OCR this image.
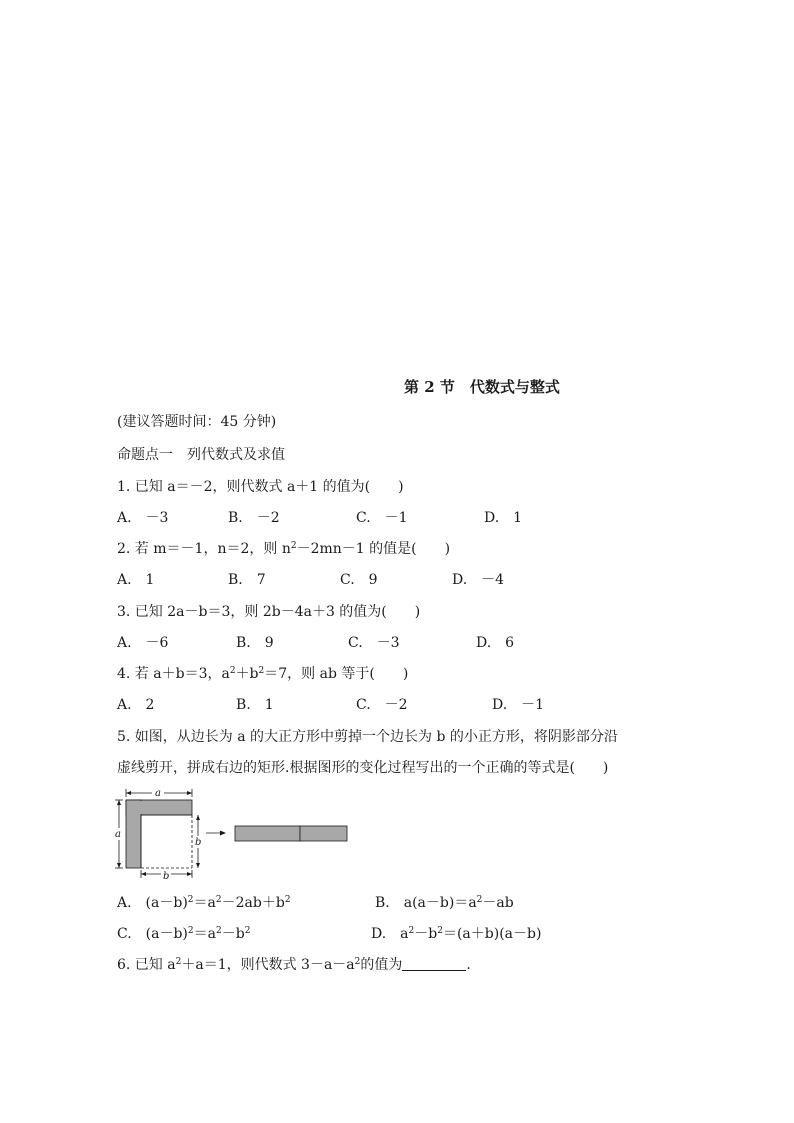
第 2 节　代数式与整式
(建议答题时间：45 分钟)
命题点一　列代数式及求值
1. 已知 a＝－2，则代数式 a＋1 的值为(　　)
A.　－3	B.　－2	C.　－1	D.　1
2. 若 m＝－1，n＝2，则 $n^2-2mn-1$ 的值是(　　)
A.　1	B.　7	C.　9	D.　－4
3. 已知 2a－b＝3，则 2b－4a＋3 的值为(　　)
A.　－6	B.　9	C.　－3	D.　6
4. 若 a＋b＝3，$a^2+b^2=7$，则 ab 等于(　　)
A.　2	B.　1	C.　－2	D.　－1
5. 如图，从边长为 a 的大正方形中剪掉一个边长为 b 的小正方形，将阴影部分沿
虚线剪开，拼成右边的矩形.根据图形的变化过程写出的一个正确的等式是(　　)
a
a
b
b
A.　$(a-b)^2=a^2-2ab+b^2$	B.　$a(a-b)=a^2-ab$
C.　$(a-b)^2=a^2-b^2$	D.　$a^2-b^2=(a+b)(a-b)$
6. 已知 $a^2+a=1$，则代数式 $3-a-a^2$的值为	.
